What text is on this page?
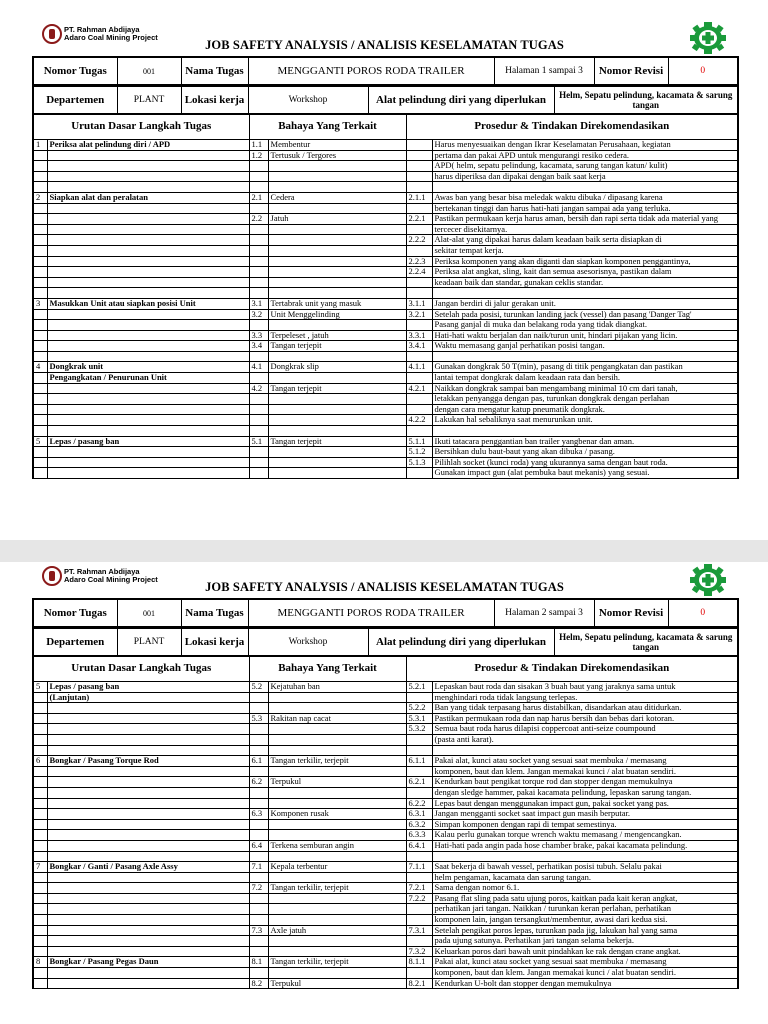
PT. Rahman Abdijaya
Adaro Coal Mining Project
JOB SAFETY ANALYSIS / ANALISIS KESELAMATAN TUGAS
Nomor Tugas	001	Nama Tugas	MENGGANTI POROS RODA TRAILER	Halaman 1 sampai 3	Nomor Revisi	0
Departemen	PLANT	Lokasi kerja	Workshop	Alat pelindung diri yang diperlukan	Helm, Sepatu pelindung, kacamata & sarung tangan
Urutan Dasar Langkah Tugas		Bahaya Yang Terkait		Prosedur & Tindakan Direkomendasikan	
1	Periksa alat pelindung diri / APD	1.1	Membentur		Harus menyesuaikan dengan Ikrar Keselamatan Perusahaan, kegiatan
		1.2	Tertusuk / Tergores		pertama dan pakai APD untuk mengurangi resiko cedera.
					APD( helm, sepatu pelindung, kacamata, sarung tangan katun/ kulit)
					harus diperiksa dan dipakai dengan baik saat kerja

2	Siapkan alat dan peralatan	2.1	Cedera	2.1.1	Awas ban yang besar bisa meledak waktu dibuka / dipasang karena
					bertekanan tinggi dan harus hati-hati jangan sampai ada yang terluka.
		2.2	Jatuh	2.2.1	Pastikan permukaan kerja harus aman, bersih dan rapi serta tidak ada material yang
					tercecer disekitarnya.
				2.2.2	Alat-alat yang dipakai harus dalam keadaan baik serta disiapkan di
					sekitar tempat kerja.
				2.2.3	Periksa komponen yang akan diganti dan siapkan komponen penggantinya,
				2.2.4	Periksa alat angkat, sling, kait dan semua asesorisnya, pastikan dalam
					keadaan baik dan standar, gunakan ceklis standar.

3	Masukkan Unit atau siapkan posisi Unit	3.1	Tertabrak unit yang masuk	3.1.1	Jangan berdiri di jalur gerakan unit.
		3.2	Unit Menggelinding	3.2.1	Setelah pada posisi, turunkan landing jack (vessel) dan pasang 'Danger Tag'
					Pasang ganjal di muka dan belakang roda yang tidak diangkat.
		3.3	Terpeleset , jatuh	3.3.1	Hati-hati waktu berjalan dan naik/turun unit, hindari pijakan yang licin.
		3.4	Tangan terjepit	3.4.1	Waktu memasang ganjal perhatikan posisi tangan.

4	Dongkrak unit	4.1	Dongkrak slip	4.1.1	Gunakan dongkrak 50 T(min), pasang di titik pengangkatan dan pastikan
	Pengangkatan / Penurunan Unit				lantai tempat dongkrak dalam keadaan rata dan bersih.
		4.2	Tangan terjepit	4.2.1	Naikkan dongkrak sampai ban mengambang minimal 10 cm dari tanah,
					letakkan penyangga dengan pas, turunkan dongkrak dengan perlahan
					dengan cara mengatur katup pneumatik dongkrak.
				4.2.2	Lakukan hal sebaliknya saat menurunkan unit.

5	Lepas / pasang ban	5.1	Tangan terjepit	5.1.1	Ikuti tatacara penggantian ban trailer yangbenar dan aman.
				5.1.2	Bersihkan dulu baut-baut yang akan dibuka / pasang.
				5.1.3	Pilihlah socket (kunci roda) yang ukurannya sama dengan baut roda.
					Gunakan impact gun (alat pembuka baut mekanis) yang sesuai.
PT. Rahman Abdijaya
Adaro Coal Mining Project
JOB SAFETY ANALYSIS / ANALISIS KESELAMATAN TUGAS
Nomor Tugas	001	Nama Tugas	MENGGANTI POROS RODA TRAILER	Halaman 2 sampai 3	Nomor Revisi	0
Departemen	PLANT	Lokasi kerja	Workshop	Alat pelindung diri yang diperlukan	Helm, Sepatu pelindung, kacamata & sarung tangan
Urutan Dasar Langkah Tugas		Bahaya Yang Terkait		Prosedur & Tindakan Direkomendasikan	
5	Lepas / pasang ban	5.2	Kejatuhan ban	5.2.1	Lepaskan baut roda dan sisakan 3 buah baut yang jaraknya sama untuk
	(Lanjutan)				menghindari roda tidak langsung terlepas.
				5.2.2	Ban yang tidak terpasang harus distabilkan, disandarkan atau ditidurkan.
		5.3	Rakitan nap cacat	5.3.1	Pastikan permukaan roda dan nap harus bersih dan bebas dari kotoran.
				5.3.2	Semua baut roda harus dilapisi coppercoat anti-seize coumpound
					(pasta anti karat).

6	Bongkar / Pasang Torque Rod	6.1	Tangan terkilir, terjepit	6.1.1	Pakai alat, kunci atau socket yang sesuai saat membuka / memasang
					komponen, baut dan klem. Jangan memakai kunci / alat buatan sendiri.
		6.2	Terpukul	6.2.1	Kendurkan baut pengikat torque rod dan stopper dengan memukulnya
					dengan sledge hammer, pakai kacamata pelindung, lepaskan sarung tangan.
				6.2.2	Lepas baut dengan menggunakan impact gun, pakai socket yang pas.
		6.3	Komponen rusak	6.3.1	Jangan mengganti socket saat impact gun masih berputar.
				6.3.2	Simpan komponen dengan rapi di tempat semestinya.
				6.3.3	Kalau perlu gunakan torque wrench waktu memasang / mengencangkan.
		6.4	Terkena semburan angin	6.4.1	Hati-hati pada angin pada hose chamber brake, pakai kacamata pelindung.

7	Bongkar / Ganti / Pasang Axle Assy	7.1	Kepala terbentur	7.1.1	Saat bekerja di bawah vessel, perhatikan posisi tubuh. Selalu pakai
					helm pengaman, kacamata dan sarung tangan.
		7.2	Tangan terkilir, terjepit	7.2.1	Sama dengan nomor 6.1.
				7.2.2	Pasang flat sling pada satu ujung poros, kaitkan pada kait keran angkat,
					perhatikan jari tangan. Naikkan / turunkan keran perlahan, perhatikan
					komponen lain, jangan tersangkut/membentur, awasi dari kedua sisi.
		7.3	Axle jatuh	7.3.1	Setelah pengikat poros lepas, turunkan pada jig, lakukan hal yang sama
					pada ujung satunya. Perhatikan jari tangan selama bekerja.
				7.3.2	Keluarkan poros dari bawah unit pindahkan ke rak dengan crane angkat.
8	Bongkar / Pasang Pegas Daun	8.1	Tangan terkilir, terjepit	8.1.1	Pakai alat, kunci atau socket yang sesuai saat membuka / memasang
					komponen, baut dan klem. Jangan memakai kunci / alat buatan sendiri.
		8.2	Terpukul	8.2.1	Kendurkan U-bolt dan stopper dengan memukulnya
